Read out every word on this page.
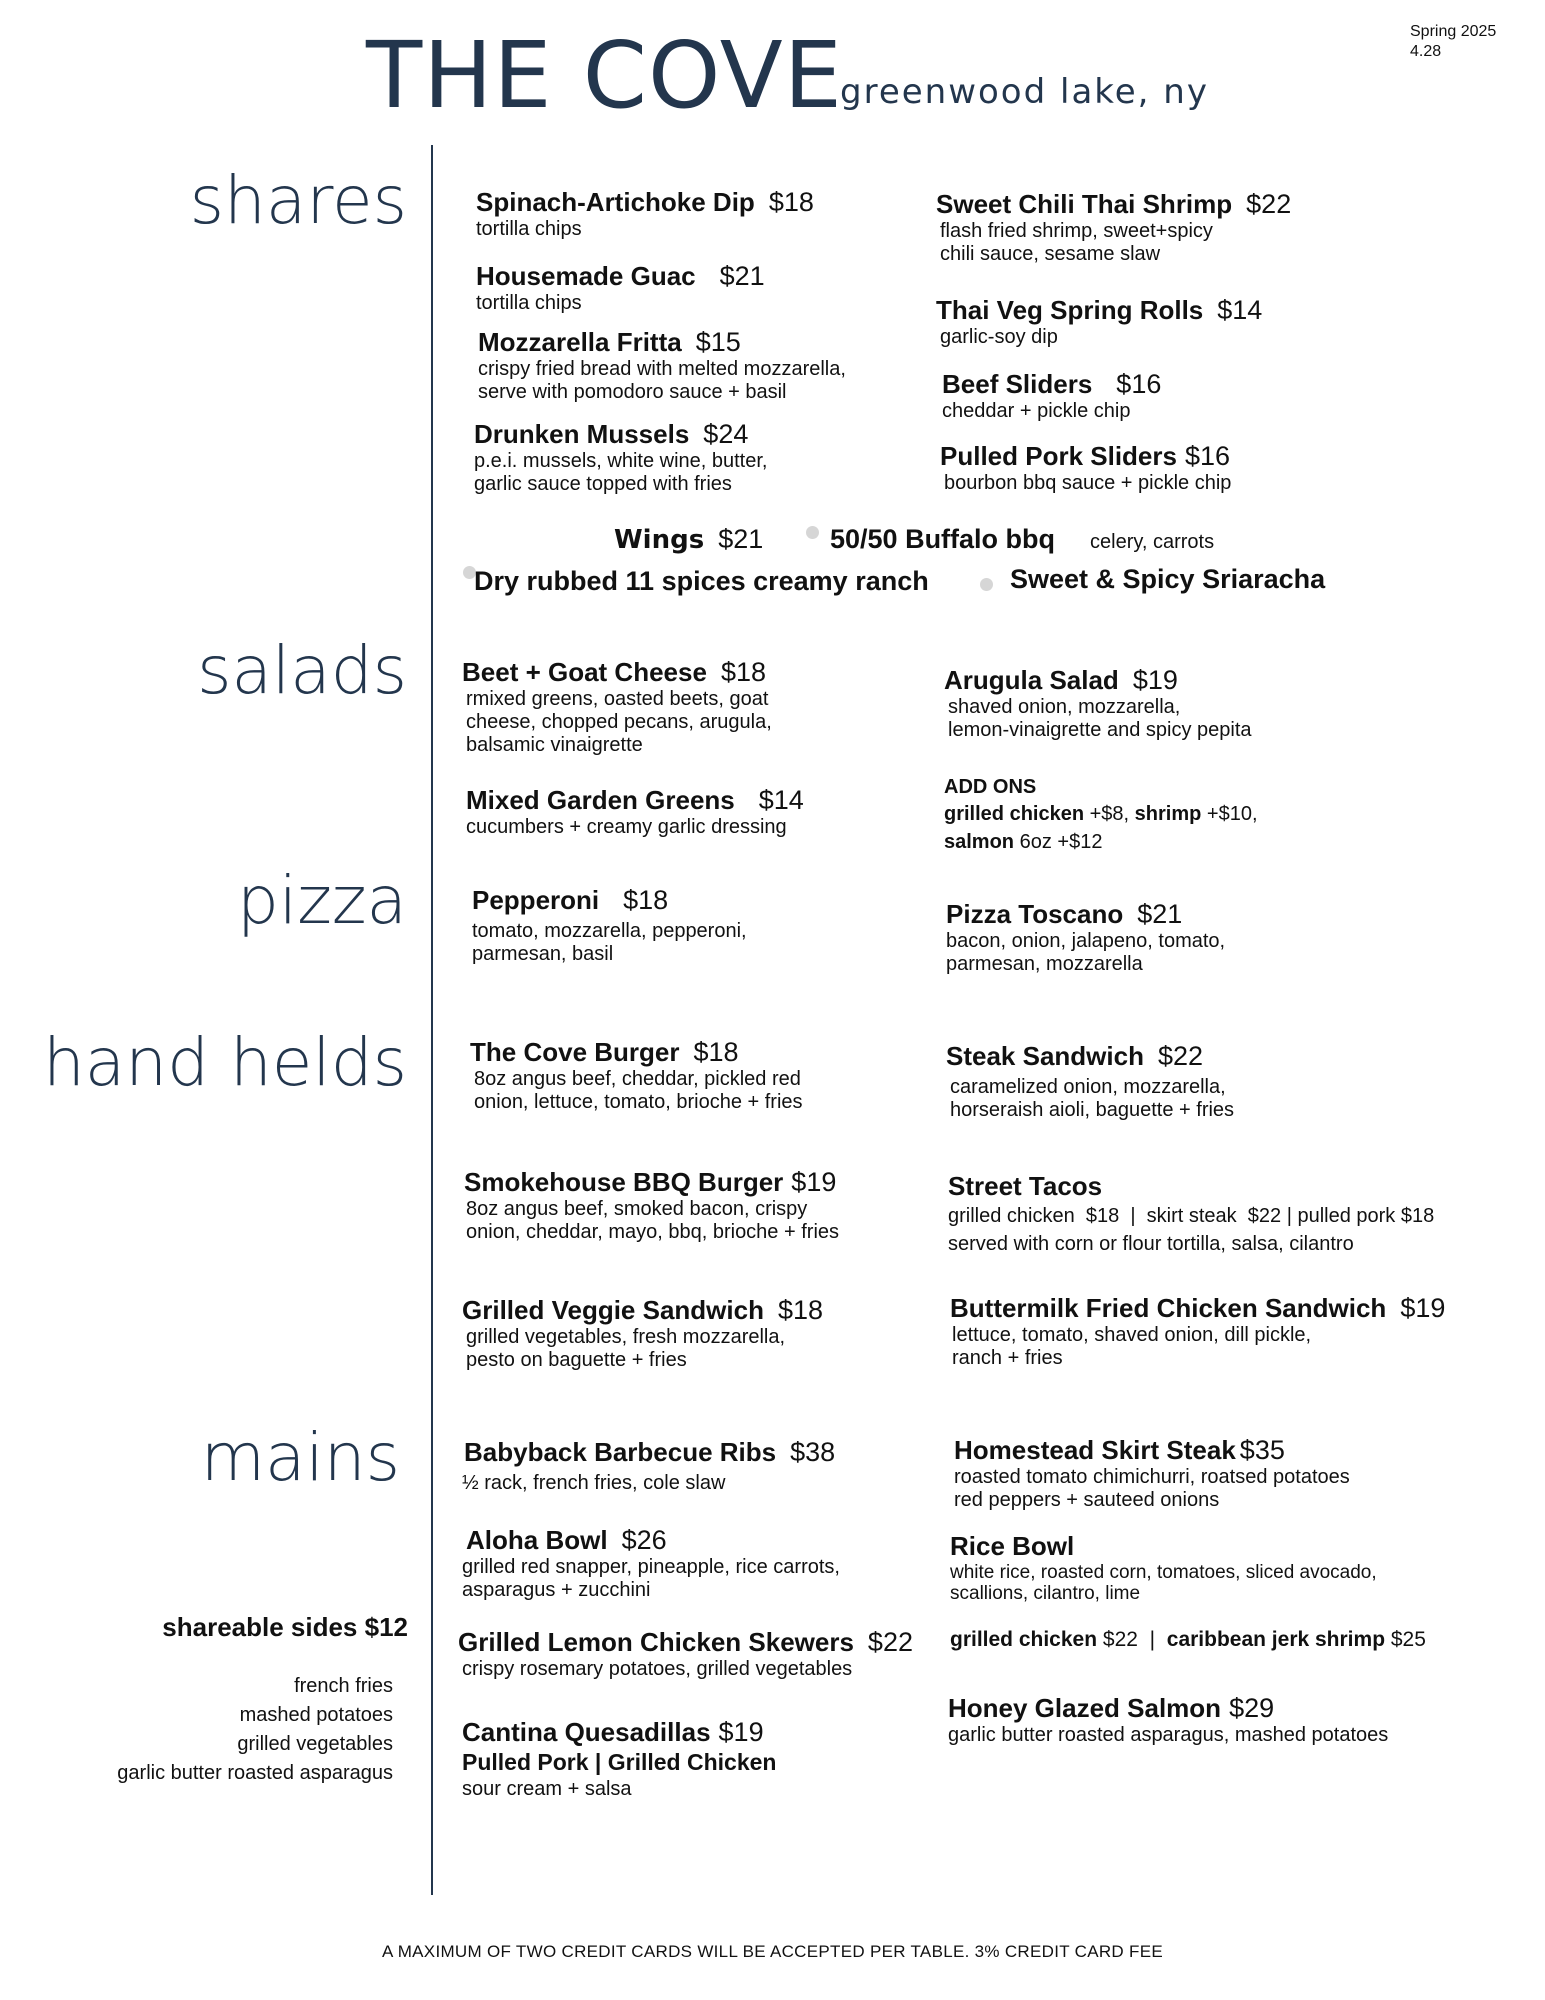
THE COVE
greenwood lake, ny
Spring 2025
4.28
shares
salads
pizza
hand helds
mains
Spinach-Artichoke Dip $18
tortilla chips
Housemade Guac $21
tortilla chips
Mozzarella Fritta $15
crispy fried bread with melted mozzarella,
serve with pomodoro sauce + basil
Drunken Mussels $24
p.e.i. mussels, white wine, butter,
garlic sauce topped with fries
Sweet Chili Thai Shrimp $22
flash fried shrimp, sweet+spicy
chili sauce, sesame slaw
Thai Veg Spring Rolls $14
garlic-soy dip
Beef Sliders $16
cheddar + pickle chip
Pulled Pork Sliders $16
bourbon bbq sauce + pickle chip
Wings $21 50/50 Buffalo bbq celery, carrots
Dry rubbed 11 spices creamy ranch	Sweet & Spicy Sriaracha
Beet + Goat Cheese $18
rmixed greens, oasted beets, goat
cheese, chopped pecans, arugula,
balsamic vinaigrette
Mixed Garden Greens $14
cucumbers + creamy garlic dressing
Arugula Salad $19
shaved onion, mozzarella,
lemon-vinaigrette and spicy pepita
ADD ONS
grilled chicken +$8, shrimp +$10,
salmon 6oz +$12
Pepperoni $18
tomato, mozzarella, pepperoni,
parmesan, basil
Pizza Toscano $21
bacon, onion, jalapeno, tomato,
parmesan, mozzarella
The Cove Burger $18
8oz angus beef, cheddar, pickled red
onion, lettuce, tomato, brioche + fries
Smokehouse BBQ Burger $19
8oz angus beef, smoked bacon, crispy
onion, cheddar, mayo, bbq, brioche + fries
Grilled Veggie Sandwich $18
grilled vegetables, fresh mozzarella,
pesto on baguette + fries
Steak Sandwich $22
caramelized onion, mozzarella,
horseraish aioli, baguette + fries
Street Tacos
grilled chicken  $18  |  skirt steak  $22 | pulled pork $18
served with corn or flour tortilla, salsa, cilantro
Buttermilk Fried Chicken Sandwich $19
lettuce, tomato, shaved onion, dill pickle,
ranch + fries
Babyback Barbecue Ribs $38
½ rack, french fries, cole slaw
Aloha Bowl $26
grilled red snapper, pineapple, rice carrots,
asparagus + zucchini
Grilled Lemon Chicken Skewers $22
crispy rosemary potatoes, grilled vegetables
Cantina Quesadillas $19
Pulled Pork | Grilled Chicken
sour cream + salsa
Homestead Skirt Steak $35
roasted tomato chimichurri, roatsed potatoes
red peppers + sauteed onions
Rice Bowl
white rice, roasted corn, tomatoes, sliced avocado,
scallions, cilantro, lime
grilled chicken $22 | caribbean jerk shrimp $25
Honey Glazed Salmon $29
garlic butter roasted asparagus, mashed potatoes
shareable sides $12
french fries
mashed potatoes
grilled vegetables
garlic butter roasted asparagus
A MAXIMUM OF TWO CREDIT CARDS WILL BE ACCEPTED PER TABLE. 3% CREDIT CARD FEE
